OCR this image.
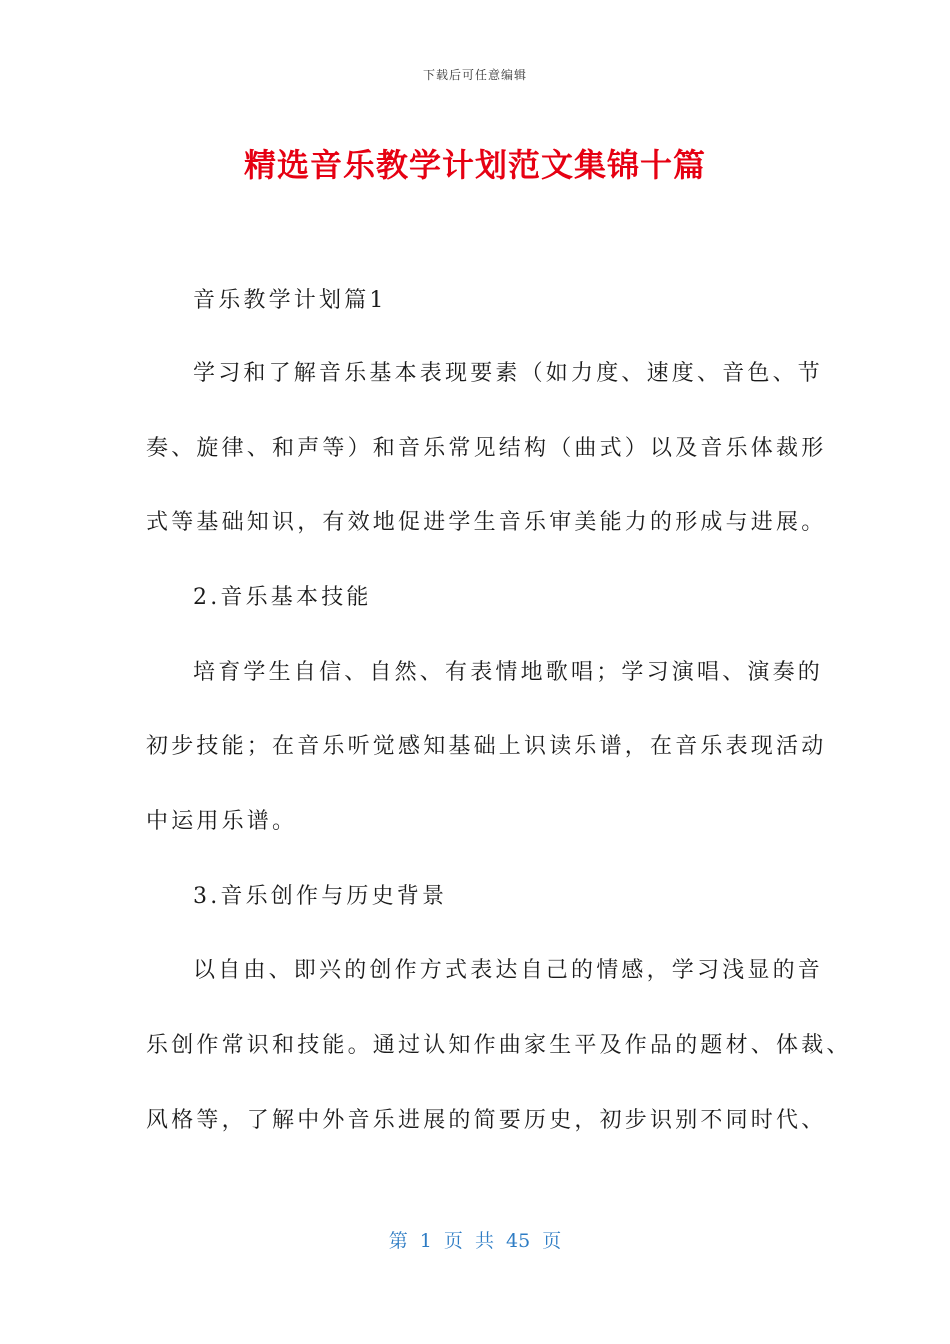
下载后可任意编辑
精选音乐教学计划范文集锦十篇
音乐教学计划篇1
学习和了解音乐基本表现要素（如力度、速度、音色、节
奏、旋律、和声等）和音乐常见结构（曲式）以及音乐体裁形
式等基础知识，有效地促进学生音乐审美能力的形成与进展。
2.音乐基本技能
培育学生自信、自然、有表情地歌唱；学习演唱、演奏的
初步技能；在音乐听觉感知基础上识读乐谱，在音乐表现活动
中运用乐谱。
3.音乐创作与历史背景
以自由、即兴的创作方式表达自己的情感，学习浅显的音
乐创作常识和技能。通过认知作曲家生平及作品的题材、体裁、
风格等，了解中外音乐进展的简要历史，初步识别不同时代、
第 1 页 共 45 页
